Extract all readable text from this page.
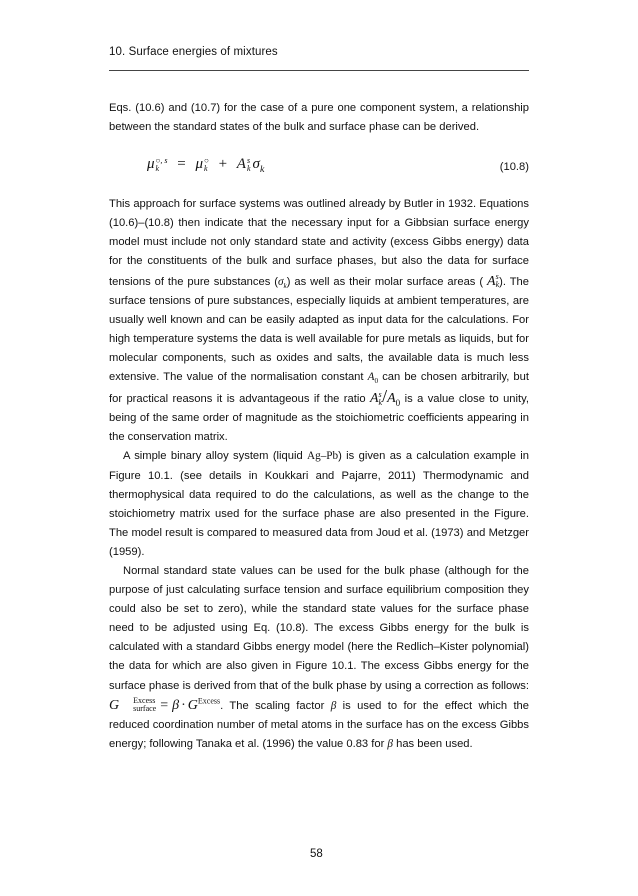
10. Surface energies of mixtures

Eqs. (10.6) and (10.7) for the case of a pure one component system, a relationship between the standard states of the bulk and surface phase can be derived.

μ ○, s
k	= μ ○
k + A s
k $\sigma_k$	(10.8)

This approach for surface systems was outlined already by Butler in 1932. Equations (10.6)–(10.8) then indicate that the necessary input for a Gibbsian surface energy model must include not only standard state and activity (excess Gibbs energy) data for the constituents of the bulk and surface phases, but also the data for surface tensions of the pure substances $(\sigma_k)$ as well as their molar surface areas ( A s
k ). The surface tensions of pure substances, especially liquids at ambient temperatures, are usually well known and can be easily adapted as input data for the calculations. For high temperature systems the data is well available for pure metals as liquids, but for molecular components, such as oxides and salts, the available data is much less extensive. The value of the normalisation constant $A_0$ can be chosen arbitrarily, but for practical reasons it is advantageous if the ratio A s
k $/A_0$ is a value close to unity, being of the same order of magnitude as the stoichiometric coefficients appearing in the conservation matrix.

A simple binary alloy system (liquid Ag–Pb) is given as a calculation example in Figure 10.1. (see details in Koukkari and Pajarre, 2011) Thermodynamic and thermophysical data required to do the calculations, as well as the change to the stoichiometry matrix used for the surface phase are also presented in the Figure. The model result is compared to measured data from Joud et al. (1973) and Metzger (1959).

Normal standard state values can be used for the bulk phase (although for the purpose of just calculating surface tension and surface equilibrium composition they could also be set to zero), while the standard state values for the surface phase need to be adjusted using Eq. (10.8). The excess Gibbs energy for the bulk is calculated with a standard Gibbs energy model (here the Redlich–Kister polynomial) the data for which are also given in Figure 10.1. The excess Gibbs energy for the surface phase is derived from that of the bulk phase by using a correction as follows: G	Excess
surface = $\beta \cdot G^{Excess}$. The scaling factor β is used to for the effect which the reduced coordination number of metal atoms in the surface has on the excess Gibbs energy; following Tanaka et al. (1996) the value 0.83 for β has been used.

58
